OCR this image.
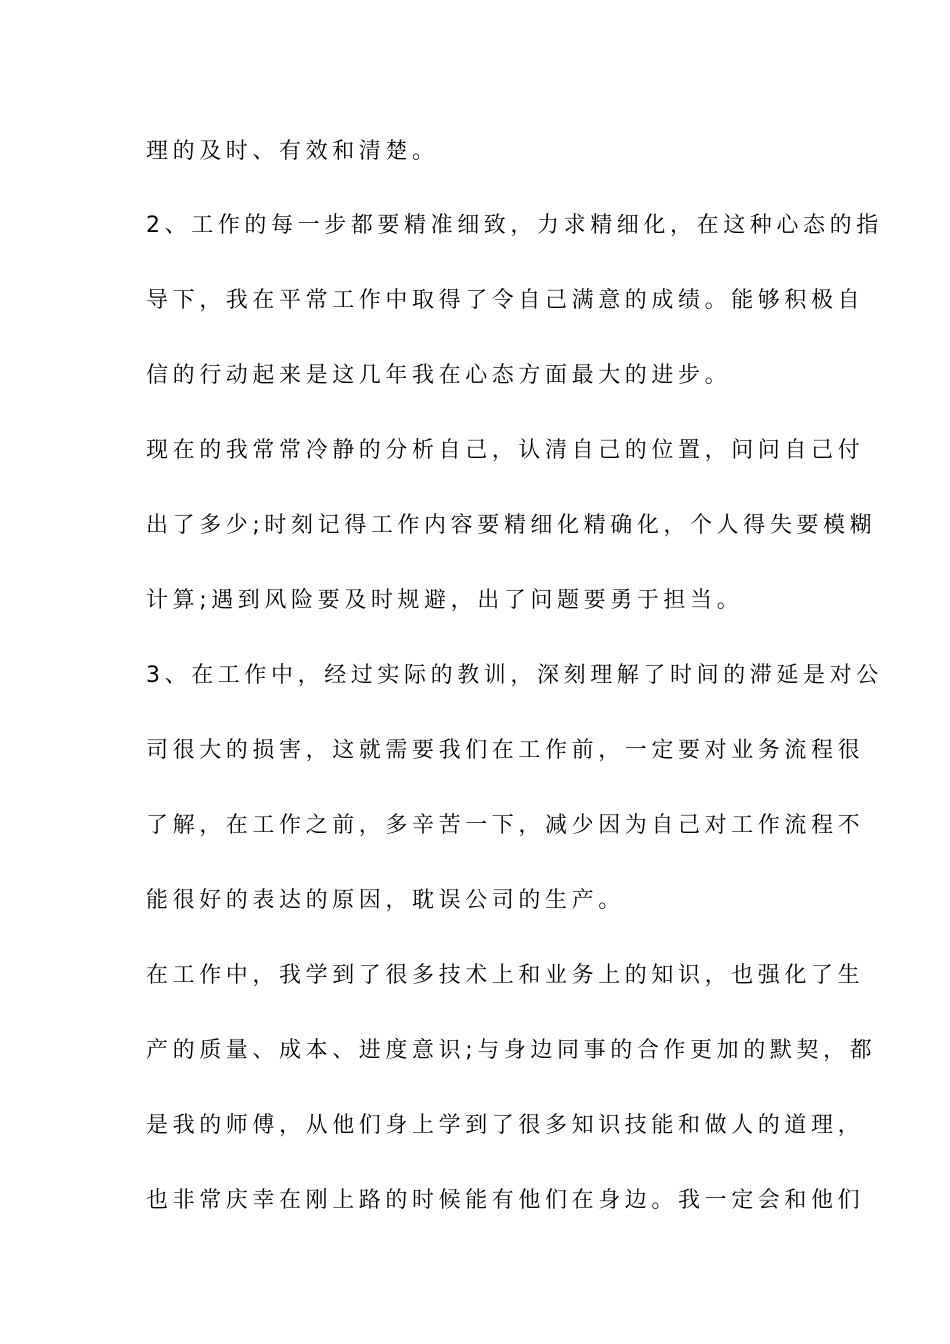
理的及时、有效和清楚。
2、工作的每一步都要精准细致，力求精细化，在这种心态的指
导下，我在平常工作中取得了令自己满意的成绩。能够积极自
信的行动起来是这几年我在心态方面最大的进步。
现在的我常常冷静的分析自己，认清自己的位置，问问自己付
出了多少;时刻记得工作内容要精细化精确化，个人得失要模糊
计算;遇到风险要及时规避，出了问题要勇于担当。
3、在工作中，经过实际的教训，深刻理解了时间的滞延是对公
司很大的损害，这就需要我们在工作前，一定要对业务流程很
了解，在工作之前，多辛苦一下，减少因为自己对工作流程不
能很好的表达的原因，耽误公司的生产。
在工作中，我学到了很多技术上和业务上的知识，也强化了生
产的质量、成本、进度意识;与身边同事的合作更加的默契，都
是我的师傅，从他们身上学到了很多知识技能和做人的道理，
也非常庆幸在刚上路的时候能有他们在身边。我一定会和他们
